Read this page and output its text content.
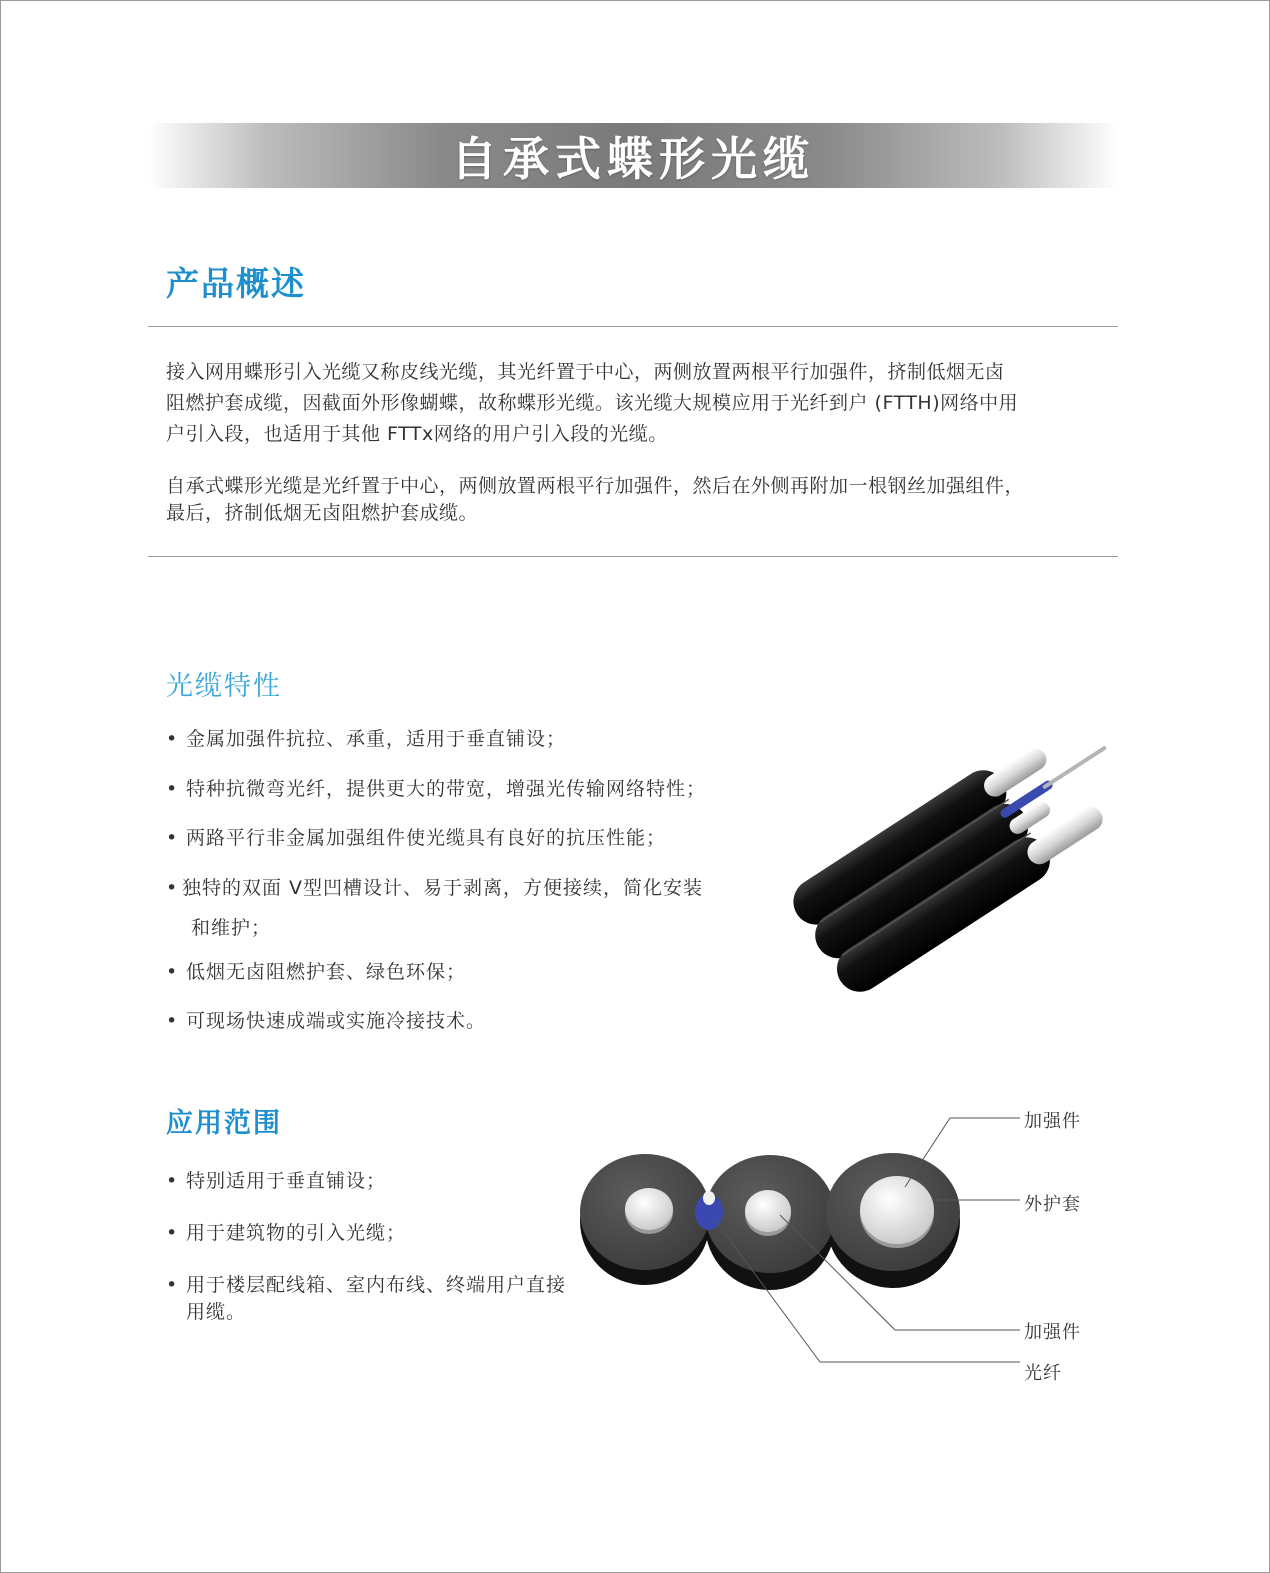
自承式蝶形光缆
产品概述

接入网用蝶形引入光缆又称皮线光缆，其光纤置于中心，两侧放置两根平行加强件，挤制低烟无卤
阻燃护套成缆，因截面外形像蝴蝶，故称蝶形光缆。该光缆大规模应用于光纤到户 (FTTH)网络中用
户引入段，也适用于其他 FTTx网络的用户引入段的光缆。

自承式蝶形光缆是光纤置于中心，两侧放置两根平行加强件，然后在外侧再附加一根钢丝加强组件，
最后，挤制低烟无卤阻燃护套成缆。

光缆特性
• 金属加强件抗拉、承重，适用于垂直铺设；
• 特种抗微弯光纤，提供更大的带宽，增强光传输网络特性；
• 两路平行非金属加强组件使光缆具有良好的抗压性能；
• 独特的双面 V型凹槽设计、易于剥离，方便接续，简化安装
和维护；
• 低烟无卤阻燃护套、绿色环保；
• 可现场快速成端或实施冷接技术。
应用范围
• 特别适用于垂直铺设；
• 用于建筑物的引入光缆；
• 用于楼层配线箱、室内布线、终端用户直接
用缆。
加强件
外护套
加强件
光纤
